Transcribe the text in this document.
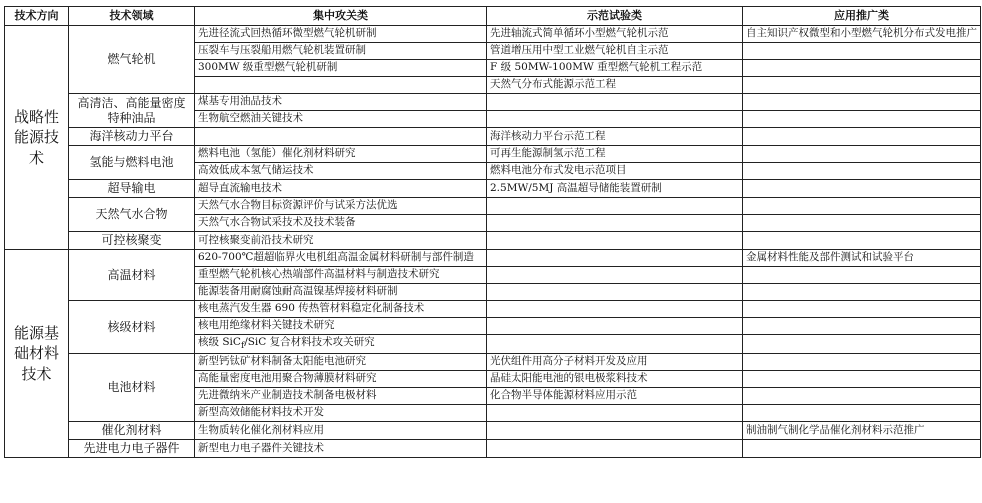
技术方向	技术领域	集中攻关类	示范试验类	应用推广类
战略性能源技术	燃气轮机	先进径流式回热循环微型燃气轮机研制	先进轴流式简单循环小型燃气轮机示范	自主知识产权微型和小型燃气轮机分布式发电推广
		压裂车与压裂船用燃气轮机装置研制	管道增压用中型工业燃气轮机自主示范	
		300MW 级重型燃气轮机研制	F 级 50MW-100MW 重型燃气轮机工程示范	
			天然气分布式能源示范工程	
	高清洁、高能量密度特种油品	煤基专用油品技术		
		生物航空燃油关键技术		
	海洋核动力平台		海洋核动力平台示范工程	
	氢能与燃料电池	燃料电池（氢能）催化剂材料研究	可再生能源制氢示范工程	
		高效低成本氢气储运技术	燃料电池分布式发电示范项目	
	超导输电	超导直流输电技术	2.5MW/5MJ 高温超导储能装置研制	
	天然气水合物	天然气水合物目标资源评价与试采方法优选		
		天然气水合物试采技术及技术装备		
	可控核聚变	可控核聚变前沿技术研究		
能源基础材料技术	高温材料	620-700℃超超临界火电机组高温金属材料研制与部件制造		金属材料性能及部件测试和试验平台
		重型燃气轮机核心热端部件高温材料与制造技术研究		
		能源装备用耐腐蚀耐高温镍基焊接材料研制		
	核级材料	核电蒸汽发生器 690 传热管材料稳定化制备技术		
		核电用绝缘材料关键技术研究		
		核级 SiC$_f$/SiC 复合材料技术攻关研究		
	电池材料	新型钙钛矿材料制备太阳能电池研究	光伏组件用高分子材料开发及应用	
		高能量密度电池用聚合物薄膜材料研究	晶硅太阳能电池的银电极浆料技术	
		先进微纳米产业制造技术制备电极材料	化合物半导体能源材料应用示范	
		新型高效储能材料技术开发		
	催化剂材料	生物质转化催化剂材料应用		制油制气制化学品催化剂材料示范推广
	先进电力电子器件	新型电力电子器件关键技术		
